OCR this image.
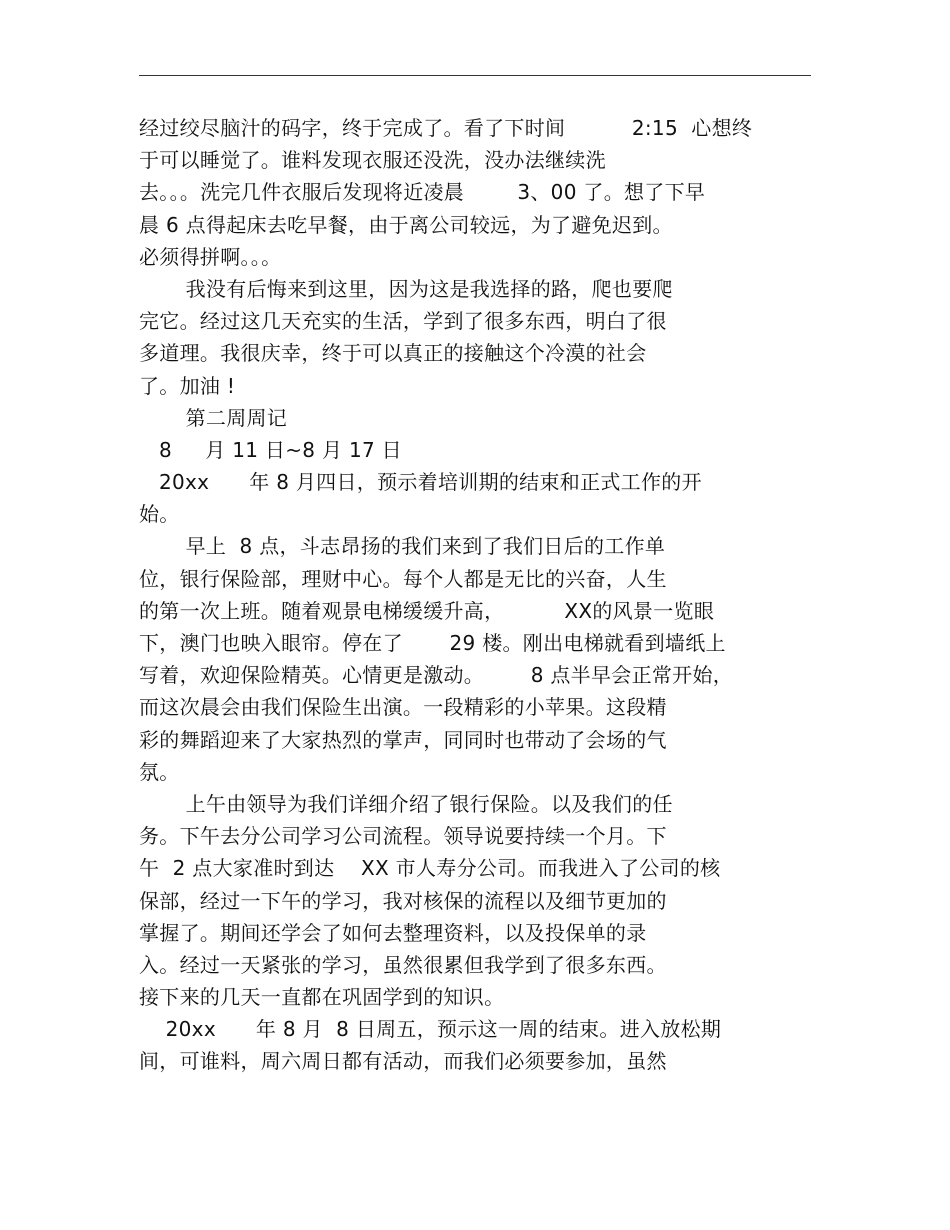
经过绞尽脑汁的码字，终于完成了。看了下时间          2:15  心想终
于可以睡觉了。谁料发现衣服还没洗，没办法继续洗
去。。。洗完几件衣服后发现将近凌晨        3、00 了。想了下早
晨 6 点得起床去吃早餐，由于离公司较远，为了避免迟到。
必须得拼啊。。。
我没有后悔来到这里，因为这是我选择的路，爬也要爬
完它。经过这几天充实的生活，学到了很多东西，明白了很
多道理。我很庆幸，终于可以真正的接触这个冷漠的社会
了。加油 !
第二周周记
8     月 11 日~8 月 17 日
20xx      年 8 月四日，预示着培训期的结束和正式工作的开
始。
早上  8 点，斗志昂扬的我们来到了我们日后的工作单
位，银行保险部，理财中心。每个人都是无比的兴奋，人生
的第一次上班。随着观景电梯缓缓升高，         XX的风景一览眼
下，澳门也映入眼帘。停在了       29 楼。刚出电梯就看到墙纸上
写着，欢迎保险精英。心情更是激动。       8 点半早会正常开始，
而这次晨会由我们保险生出演。一段精彩的小苹果。这段精
彩的舞蹈迎来了大家热烈的掌声，同同时也带动了会场的气
氛。
上午由领导为我们详细介绍了银行保险。以及我们的任
务。下午去分公司学习公司流程。领导说要持续一个月。下
午  2 点大家准时到达    XX 市人寿分公司。而我进入了公司的核
保部，经过一下午的学习，我对核保的流程以及细节更加的
掌握了。期间还学会了如何去整理资料，以及投保单的录
入。经过一天紧张的学习，虽然很累但我学到了很多东西。
接下来的几天一直都在巩固学到的知识。
20xx      年 8 月  8 日周五，预示这一周的结束。进入放松期
间，可谁料，周六周日都有活动，而我们必须要参加，虽然
